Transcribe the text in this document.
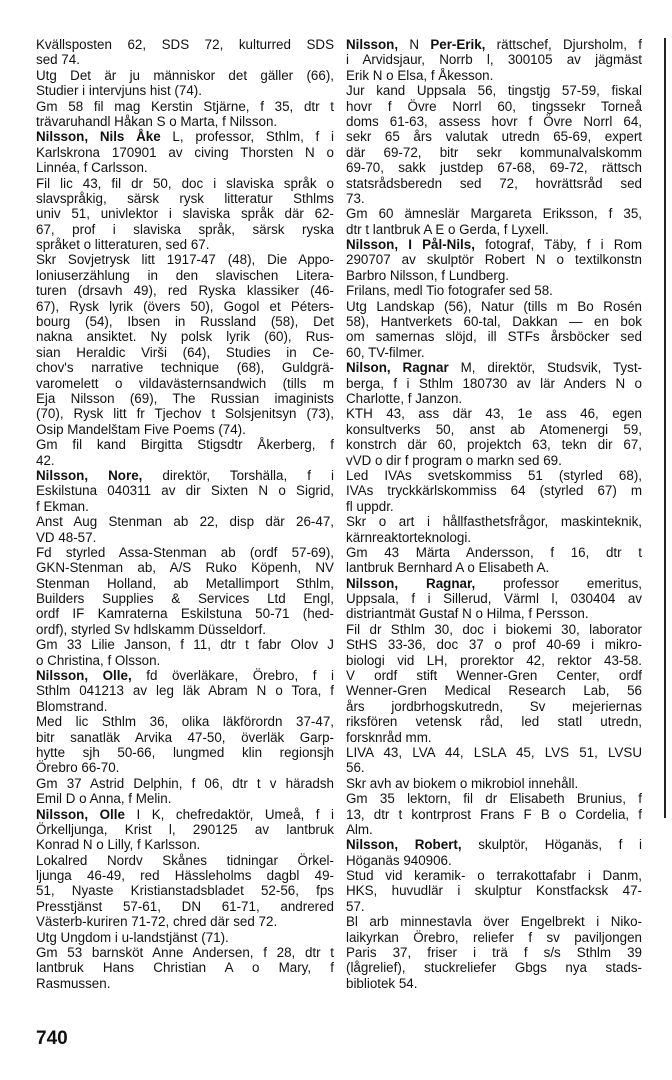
Kvällsposten 62, SDS 72, kulturred SDS
sed 74.
Utg Det är ju människor det gäller (66),
Studier i intervjuns hist (74).
Gm 58 fil mag Kerstin Stjärne, f 35, dtr t
trävaruhandl Håkan S o Marta, f Nilsson.
Nilsson, Nils Åke L, professor, Sthlm, f i
Karlskrona 170901 av civing Thorsten N o
Linnéa, f Carlsson.
Fil lic 43, fil dr 50, doc i slaviska språk o
slavspråkig, särsk rysk litteratur Sthlms
univ 51, univlektor i slaviska språk där 62-
67, prof i slaviska språk, särsk ryska
språket o litteraturen, sed 67.
Skr Sovjetrysk litt 1917-47 (48), Die Appo-
loniuserzählung in den slavischen Litera-
turen (drsavh 49), red Ryska klassiker (46-
67), Rysk lyrik (övers 50), Gogol et Péters-
bourg (54), Ibsen in Russland (58), Det
nakna ansiktet. Ny polsk lyrik (60), Rus-
sian Heraldic Virši (64), Studies in Ce-
chov's narrative technique (68), Guldgrä-
varomelett o vildavästernsandwich (tills m
Eja Nilsson (69), The Russian imaginists
(70), Rysk litt fr Tjechov t Solsjenitsyn (73),
Osip Mandelštam Five Poems (74).
Gm fil kand Birgitta Stigsdtr Åkerberg, f
42.
Nilsson, Nore, direktör, Torshälla, f i
Eskilstuna 040311 av dir Sixten N o Sigrid,
f Ekman.
Anst Aug Stenman ab 22, disp där 26-47,
VD 48-57.
Fd styrled Assa-Stenman ab (ordf 57-69),
GKN-Stenman ab, A/S Ruko Köpenh, NV
Stenman Holland, ab Metallimport Sthlm,
Builders Supplies & Services Ltd Engl,
ordf IF Kamraterna Eskilstuna 50-71 (hed-
ordf), styrled Sv hdlskamm Düsseldorf.
Gm 33 Lilie Janson, f 11, dtr t fabr Olov J
o Christina, f Olsson.
Nilsson, Olle, fd överläkare, Örebro, f i
Sthlm 041213 av leg läk Abram N o Tora, f
Blomstrand.
Med lic Sthlm 36, olika läkförordn 37-47,
bitr sanatläk Arvika 47-50, överläk Garp-
hytte sjh 50-66, lungmed klin regionsjh
Örebro 66-70.
Gm 37 Astrid Delphin, f 06, dtr t v häradsh
Emil D o Anna, f Melin.
Nilsson, Olle I K, chefredaktör, Umeå, f i
Örkelljunga, Krist l, 290125 av lantbruk
Konrad N o Lilly, f Karlsson.
Lokalred Nordv Skånes tidningar Örkel-
ljunga 46-49, red Hässleholms dagbl 49-
51, Nyaste Kristianstadsbladet 52-56, fps
Presstjänst 57-61, DN 61-71, andrered
Västerb-kuriren 71-72, chred där sed 72.
Utg Ungdom i u-landstjänst (71).
Gm 53 barnsköt Anne Andersen, f 28, dtr t
lantbruk Hans Christian A o Mary, f
Rasmussen.
Nilsson, N Per-Erik, rättschef, Djursholm, f
i Arvidsjaur, Norrb l, 300105 av jägmäst
Erik N o Elsa, f Åkesson.
Jur kand Uppsala 56, tingstjg 57-59, fiskal
hovr f Övre Norrl 60, tingssekr Torneå
doms 61-63, assess hovr f Övre Norrl 64,
sekr 65 års valutak utredn 65-69, expert
där 69-72, bitr sekr kommunalvalskomm
69-70, sakk justdep 67-68, 69-72, rättsch
statsrådsberedn sed 72, hovrättsråd sed
73.
Gm 60 ämneslär Margareta Eriksson, f 35,
dtr t lantbruk A E o Gerda, f Lyxell.
Nilsson, I Pål-Nils, fotograf, Täby, f i Rom
290707 av skulptör Robert N o textilkonstn
Barbro Nilsson, f Lundberg.
Frilans, medl Tio fotografer sed 58.
Utg Landskap (56), Natur (tills m Bo Rosén
58), Hantverkets 60-tal, Dakkan — en bok
om samernas slöjd, ill STFs årsböcker sed
60, TV-filmer.
Nilson, Ragnar M, direktör, Studsvik, Tyst-
berga, f i Sthlm 180730 av lär Anders N o
Charlotte, f Janzon.
KTH 43, ass där 43, 1e ass 46, egen
konsultverks 50, anst ab Atomenergi 59,
konstrch där 60, projektch 63, tekn dir 67,
vVD o dir f program o markn sed 69.
Led IVAs svetskommiss 51 (styrled 68),
IVAs tryckkärlskommiss 64 (styrled 67) m
fl uppdr.
Skr o art i hållfasthetsfrågor, maskinteknik,
kärnreaktorteknologi.
Gm 43 Märta Andersson, f 16, dtr t
lantbruk Bernhard A o Elisabeth A.
Nilsson, Ragnar, professor emeritus,
Uppsala, f i Sillerud, Värml l, 030404 av
distriantmät Gustaf N o Hilma, f Persson.
Fil dr Sthlm 30, doc i biokemi 30, laborator
StHS 33-36, doc 37 o prof 40-69 i mikro-
biologi vid LH, prorektor 42, rektor 43-58.
V ordf stift Wenner-Gren Center, ordf
Wenner-Gren Medical Research Lab, 56
års jordbrhogskutredn, Sv mejeriernas
riksfören vetensk råd, led statl utredn,
forsknråd mm.
LIVA 43, LVA 44, LSLA 45, LVS 51, LVSU
56.
Skr avh av biokem o mikrobiol innehåll.
Gm 35 lektorn, fil dr Elisabeth Brunius, f
13, dtr t kontrprost Frans F B o Cordelia, f
Alm.
Nilsson, Robert, skulptör, Höganäs, f i
Höganäs 940906.
Stud vid keramik- o terrakottafabr i Danm,
HKS, huvudlär i skulptur Konstfacksk 47-
57.
Bl arb minnestavla över Engelbrekt i Niko-
laikyrkan Örebro, reliefer f sv paviljongen
Paris 37, friser i trä f s/s Sthlm 39
(lågrelief), stuckreliefer Gbgs nya stads-
bibliotek 54.
740
